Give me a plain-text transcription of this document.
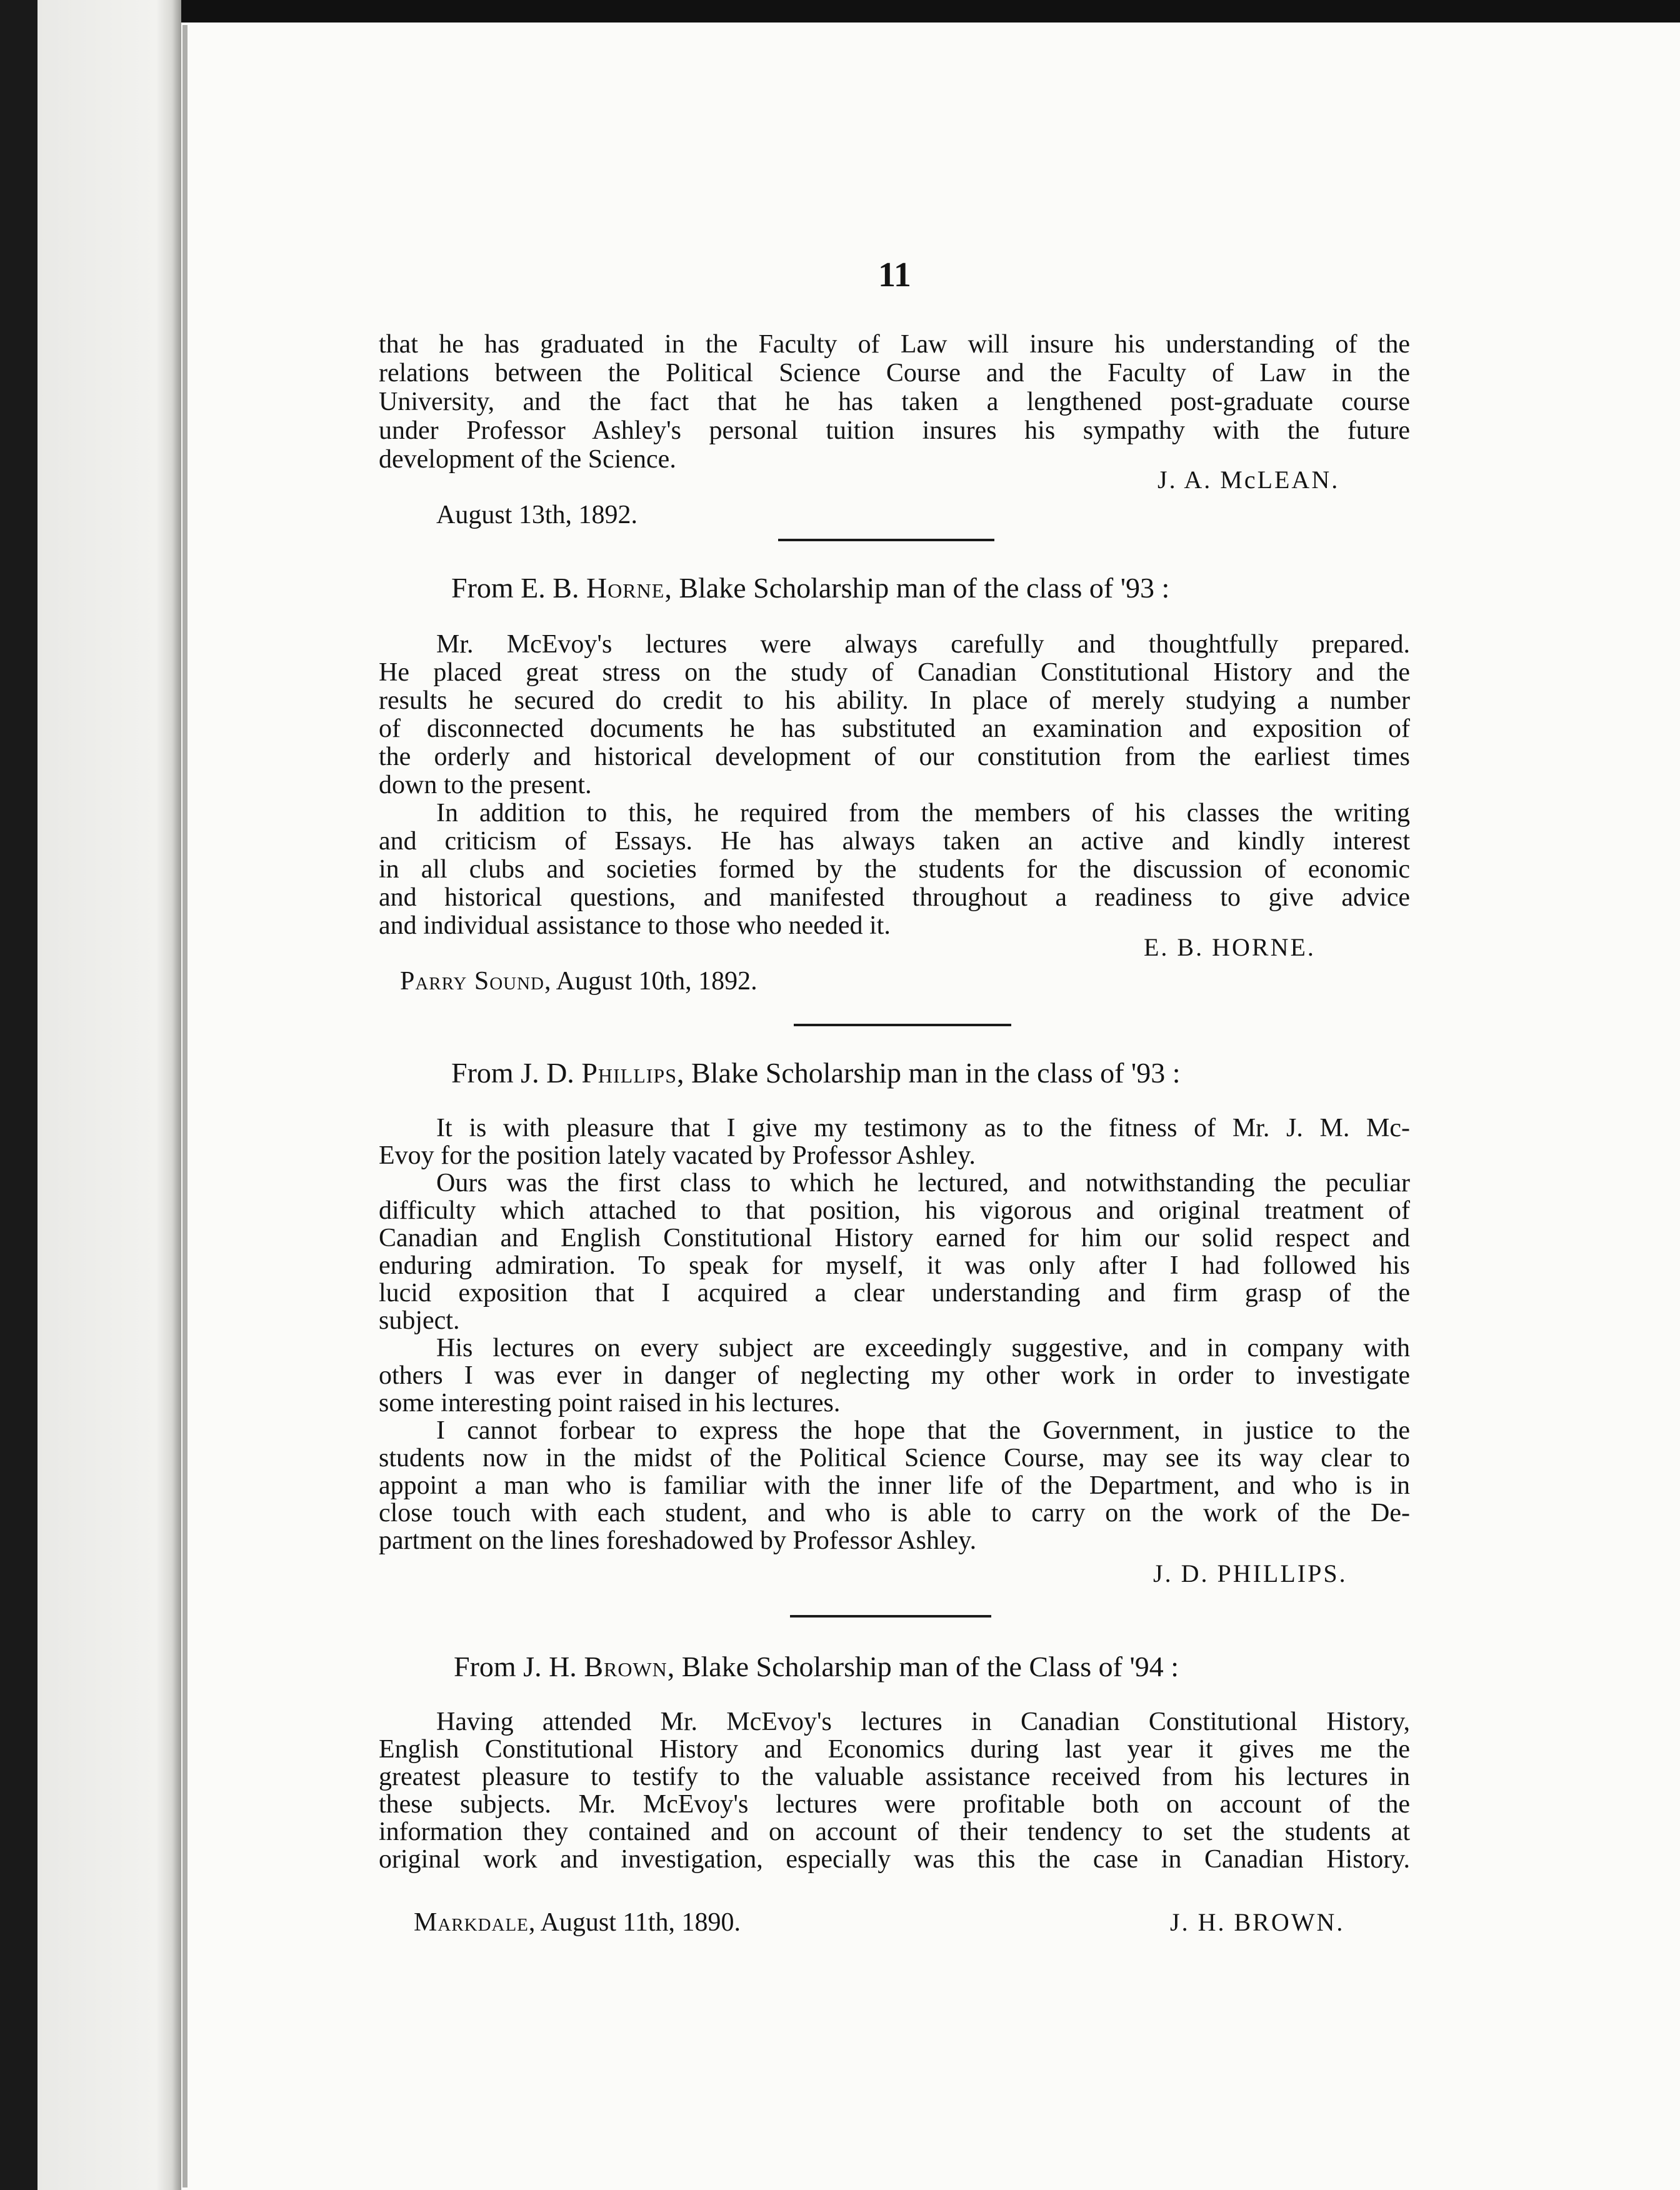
11
that he has graduated in the Faculty of Law will insure his understanding of the
relations between the Political Science Course and the Faculty of Law in the
University, and the fact that he has taken a lengthened post-graduate course
under Professor Ashley's personal tuition insures his sympathy with the future
development of the Science.
J. A. McLEAN.
August 13th, 1892.
From E. B. Horne, Blake Scholarship man of the class of '93 :
Mr. McEvoy's lectures were always carefully and thoughtfully prepared.
He placed great stress on the study of Canadian Constitutional History and the
results he secured do credit to his ability. In place of merely studying a number
of disconnected documents he has substituted an examination and exposition of
the orderly and historical development of our constitution from the earliest times
down to the present.
In addition to this, he required from the members of his classes the writing
and criticism of Essays. He has always taken an active and kindly interest
in all clubs and societies formed by the students for the discussion of economic
and historical questions, and manifested throughout a readiness to give advice
and individual assistance to those who needed it.
E. B. HORNE.
Parry Sound, August 10th, 1892.
From J. D. Phillips, Blake Scholarship man in the class of '93 :
It is with pleasure that I give my testimony as to the fitness of Mr. J. M. Mc-
Evoy for the position lately vacated by Professor Ashley.
Ours was the first class to which he lectured, and notwithstanding the peculiar
difficulty which attached to that position, his vigorous and original treatment of
Canadian and English Constitutional History earned for him our solid respect and
enduring admiration. To speak for myself, it was only after I had followed his
lucid exposition that I acquired a clear understanding and firm grasp of the
subject.
His lectures on every subject are exceedingly suggestive, and in company with
others I was ever in danger of neglecting my other work in order to investigate
some interesting point raised in his lectures.
I cannot forbear to express the hope that the Government, in justice to the
students now in the midst of the Political Science Course, may see its way clear to
appoint a man who is familiar with the inner life of the Department, and who is in
close touch with each student, and who is able to carry on the work of the De-
partment on the lines foreshadowed by Professor Ashley.
J. D. PHILLIPS.
From J. H. Brown, Blake Scholarship man of the Class of '94 :
Having attended Mr. McEvoy's lectures in Canadian Constitutional History,
English Constitutional History and Economics during last year it gives me the
greatest pleasure to testify to the valuable assistance received from his lectures in
these subjects. Mr. McEvoy's lectures were profitable both on account of the
information they contained and on account of their tendency to set the students at
original work and investigation, especially was this the case in Canadian History.
Markdale, August 11th, 1890.	J. H. BROWN.
